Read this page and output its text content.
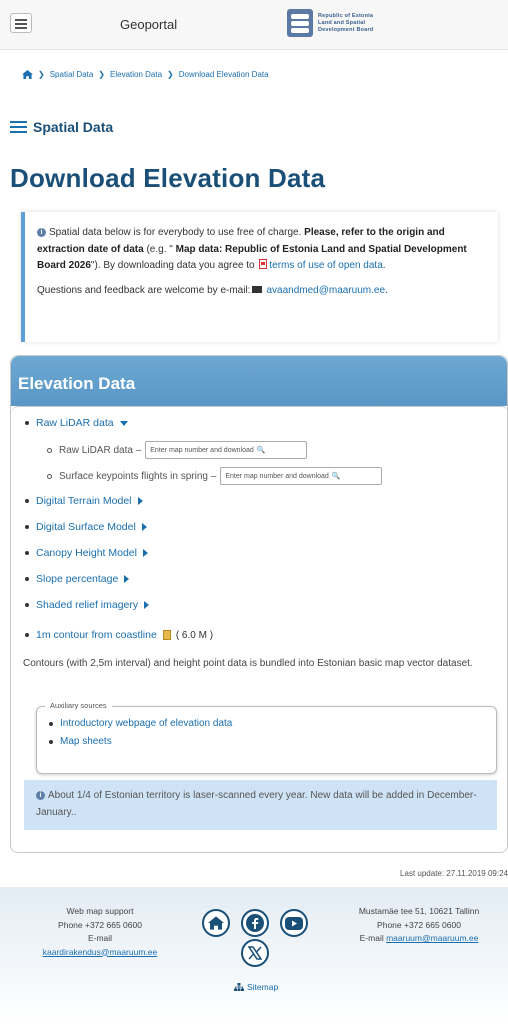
Geoportal
Republic of Estonia
Land and Spatial
Development Board
❯ Spatial Data ❯ Elevation Data ❯ Download Elevation Data
Spatial Data
Download Elevation Data

i Spatial data below is for everybody to use free of charge. Please, refer to the origin and extraction date of data (e.g. " Map data: Republic of Estonia Land and Spatial Development Board 2026"). By downloading data you agree to terms of use of open data.

Questions and feedback are welcome by e-mail: avaandmed@maaruum.ee.

Elevation Data
Raw LiDAR data
Raw LiDAR data – Enter map number and download 🔍
Surface keypoints flights in spring – Enter map number and download 🔍
Digital Terrain Model
Digital Surface Model
Canopy Height Model
Slope percentage
Shaded relief imagery
1m contour from coastline ( 6.0 M )
Contours (with 2,5m interval) and height point data is bundled into Estonian basic map vector dataset.
Auxiliary sources
Introductory webpage of elevation data
Map sheets
i About 1/4 of Estonian territory is laser-scanned every year. New data will be added in December-January..
Last update: 27.11.2019 09:24
Web map support
Phone +372 665 0600
E-mail
kaardirakendus@maaruum.ee
Mustamäe tee 51, 10621 Tallinn
Phone +372 665 0600
E-mail maaruum@maaruum.ee
Sitemap
